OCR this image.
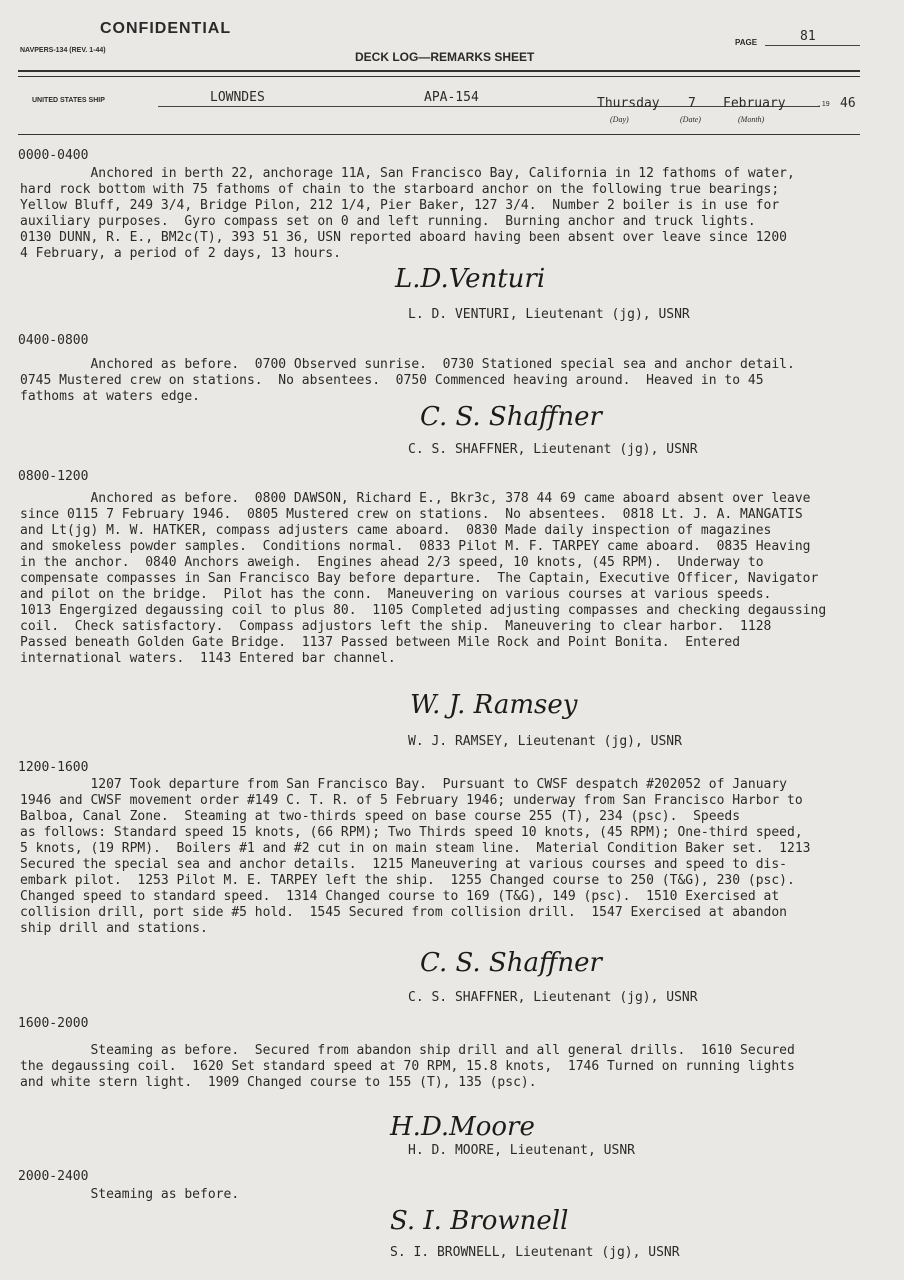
CONFIDENTIAL
NAVPERS-134 (REV. 1-44)	DECK LOG—REMARKS SHEET
PAGE	81
UNITED STATES SHIP	LOWNDES	APA-154	Thursday 7 February	, 19 46
(Day)	(Date)	(Month)
0000-0400
Anchored in berth 22, anchorage 11A, San Francisco Bay, California in 12 fathoms of water,
hard rock bottom with 75 fathoms of chain to the starboard anchor on the following true bearings;
Yellow Bluff, 249 3/4, Bridge Pilon, 212 1/4, Pier Baker, 127 3/4.  Number 2 boiler is in use for
auxiliary purposes.  Gyro compass set on 0 and left running.  Burning anchor and truck lights.
0130 DUNN, R. E., BM2c(T), 393 51 36, USN reported aboard having been absent over leave since 1200
4 February, a period of 2 days, 13 hours.
L.D.Venturi
L. D. VENTURI, Lieutenant (jg), USNR
0400-0800
Anchored as before.  0700 Observed sunrise.  0730 Stationed special sea and anchor detail.
0745 Mustered crew on stations.  No absentees.  0750 Commenced heaving around.  Heaved in to 45
fathoms at waters edge.
C. S. Shaffner
C. S. SHAFFNER, Lieutenant (jg), USNR
0800-1200
Anchored as before.  0800 DAWSON, Richard E., Bkr3c, 378 44 69 came aboard absent over leave
since 0115 7 February 1946.  0805 Mustered crew on stations.  No absentees.  0818 Lt. J. A. MANGATIS
and Lt(jg) M. W. HATKER, compass adjusters came aboard.  0830 Made daily inspection of magazines
and smokeless powder samples.  Conditions normal.  0833 Pilot M. F. TARPEY came aboard.  0835 Heaving
in the anchor.  0840 Anchors aweigh.  Engines ahead 2/3 speed, 10 knots, (45 RPM).  Underway to
compensate compasses in San Francisco Bay before departure.  The Captain, Executive Officer, Navigator
and pilot on the bridge.  Pilot has the conn.  Maneuvering on various courses at various speeds.
1013 Engergized degaussing coil to plus 80.  1105 Completed adjusting compasses and checking degaussing
coil.  Check satisfactory.  Compass adjustors left the ship.  Maneuvering to clear harbor.  1128
Passed beneath Golden Gate Bridge.  1137 Passed between Mile Rock and Point Bonita.  Entered
international waters.  1143 Entered bar channel.
W. J. Ramsey
W. J. RAMSEY, Lieutenant (jg), USNR
1200-1600
1207 Took departure from San Francisco Bay.  Pursuant to CWSF despatch #202052 of January
1946 and CWSF movement order #149 C. T. R. of 5 February 1946; underway from San Francisco Harbor to
Balboa, Canal Zone.  Steaming at two-thirds speed on base course 255 (T), 234 (psc).  Speeds
as follows: Standard speed 15 knots, (66 RPM); Two Thirds speed 10 knots, (45 RPM); One-third speed,
5 knots, (19 RPM).  Boilers #1 and #2 cut in on main steam line.  Material Condition Baker set.  1213
Secured the special sea and anchor details.  1215 Maneuvering at various courses and speed to dis-
embark pilot.  1253 Pilot M. E. TARPEY left the ship.  1255 Changed course to 250 (T&G), 230 (psc).
Changed speed to standard speed.  1314 Changed course to 169 (T&G), 149 (psc).  1510 Exercised at
collision drill, port side #5 hold.  1545 Secured from collision drill.  1547 Exercised at abandon
ship drill and stations.
C. S. Shaffner
C. S. SHAFFNER, Lieutenant (jg), USNR
1600-2000
Steaming as before.  Secured from abandon ship drill and all general drills.  1610 Secured
the degaussing coil.  1620 Set standard speed at 70 RPM, 15.8 knots,  1746 Turned on running lights
and white stern light.  1909 Changed course to 155 (T), 135 (psc).
H.D.Moore
H. D. MOORE, Lieutenant, USNR
2000-2400
Steaming as before.
S. I. Brownell
S. I. BROWNELL, Lieutenant (jg), USNR
